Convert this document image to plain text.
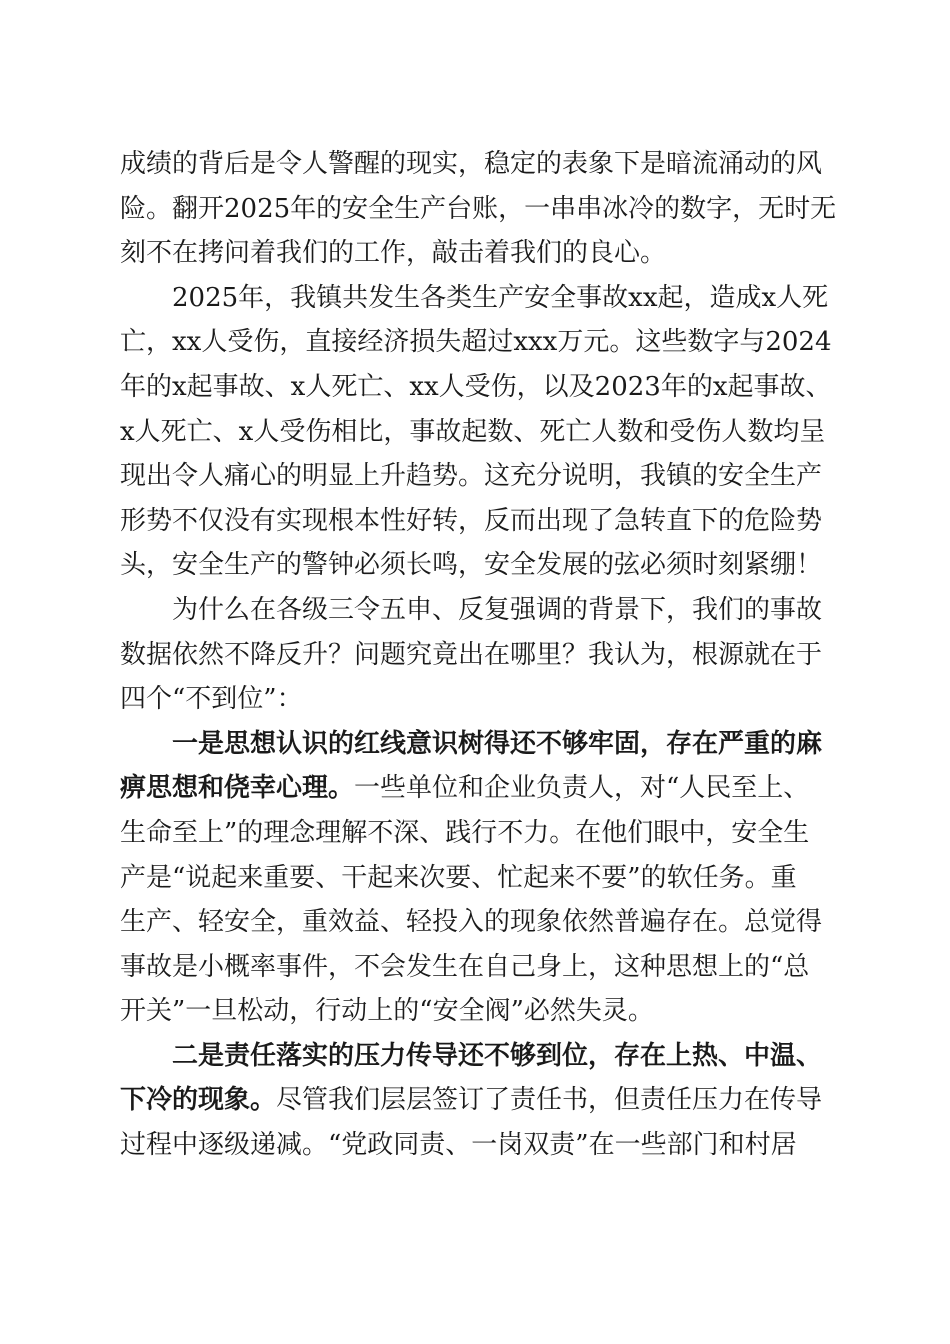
成绩的背后是令人警醒的现实，稳定的表象下是暗流涌动的风
险。翻开2025年的安全生产台账，一串串冰冷的数字，无时无
刻不在拷问着我们的工作，敲击着我们的良心。
2025年，我镇共发生各类生产安全事故xx起，造成x人死
亡，xx人受伤，直接经济损失超过xxx万元。这些数字与2024
年的x起事故、x人死亡、xx人受伤，以及2023年的x起事故、
x人死亡、x人受伤相比，事故起数、死亡人数和受伤人数均呈
现出令人痛心的明显上升趋势。这充分说明，我镇的安全生产
形势不仅没有实现根本性好转，反而出现了急转直下的危险势
头，安全生产的警钟必须长鸣，安全发展的弦必须时刻紧绷！
为什么在各级三令五申、反复强调的背景下，我们的事故
数据依然不降反升？问题究竟出在哪里？我认为，根源就在于
四个“不到位”：
一是思想认识的红线意识树得还不够牢固，存在严重的麻
痹思想和侥幸心理。一些单位和企业负责人，对“人民至上、
生命至上”的理念理解不深、践行不力。在他们眼中，安全生
产是“说起来重要、干起来次要、忙起来不要”的软任务。重
生产、轻安全，重效益、轻投入的现象依然普遍存在。总觉得
事故是小概率事件，不会发生在自己身上，这种思想上的“总
开关”一旦松动，行动上的“安全阀”必然失灵。
二是责任落实的压力传导还不够到位，存在上热、中温、
下冷的现象。尽管我们层层签订了责任书，但责任压力在传导
过程中逐级递减。“党政同责、一岗双责”在一些部门和村居
